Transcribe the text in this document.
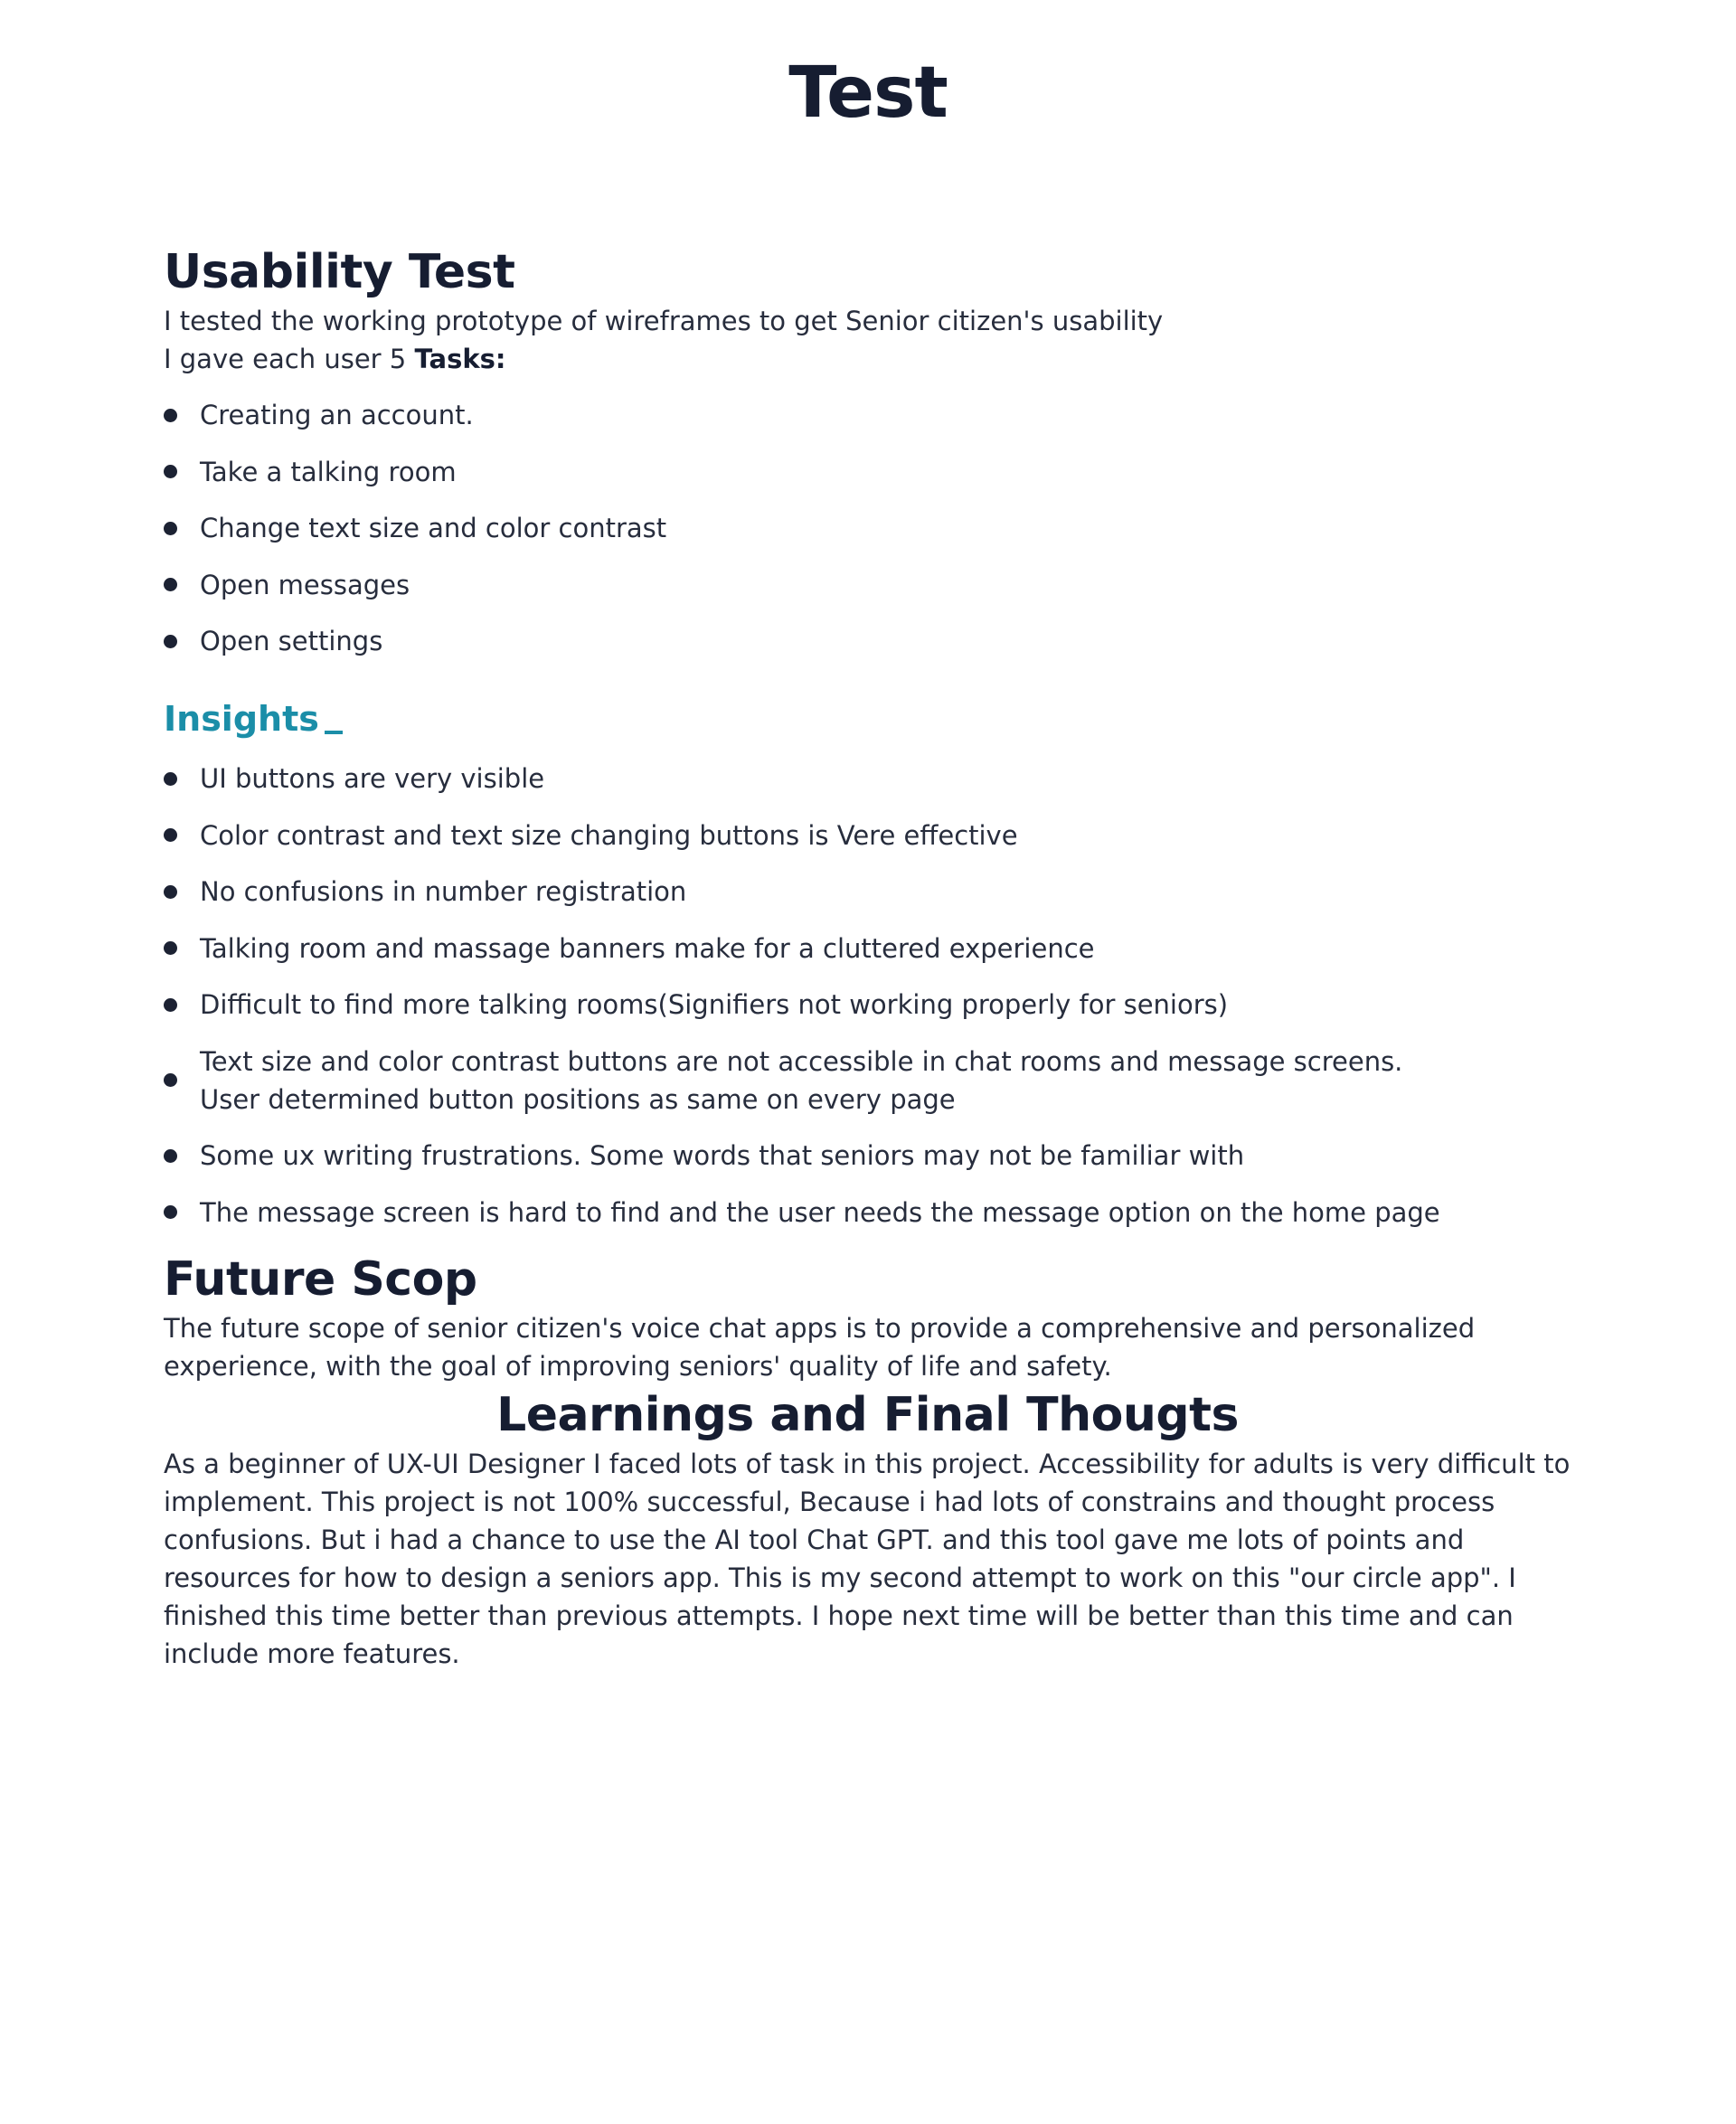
Test
Usability Test

I tested the working prototype of wireframes to get Senior citizen's usability

I gave each user 5 Tasks:

Creating an account.
Take a talking room
Change text size and color contrast
Open messages
Open settings
Insights
UI buttons are very visible
Color contrast and text size changing buttons is Vere effective
No confusions in number registration
Talking room and massage banners make for a cluttered experience
Difficult to find more talking rooms(Signifiers not working properly for seniors)
Text size and color contrast buttons are not accessible in chat rooms and message screens.
User determined button positions as same on every page
Some ux writing frustrations. Some words that seniors may not be familiar with
The message screen is hard to find and the user needs the message option on the home page
Future Scop

The future scope of senior citizen's voice chat apps is to provide a comprehensive and personalized experience, with the goal of improving seniors' quality of life and safety.

Learnings and Final Thougts

As a beginner of UX-UI Designer I faced lots of task in this project. Accessibility for adults is very difficult to implement. This project is not 100% successful, Because i had lots of constrains and thought process confusions. But i had a chance to use the AI tool Chat GPT. and this tool gave me lots of points and resources for how to design a seniors app. This is my second attempt to work on this "our circle app". I finished this time better than previous attempts. I hope next time will be better than this time and can include more features.
